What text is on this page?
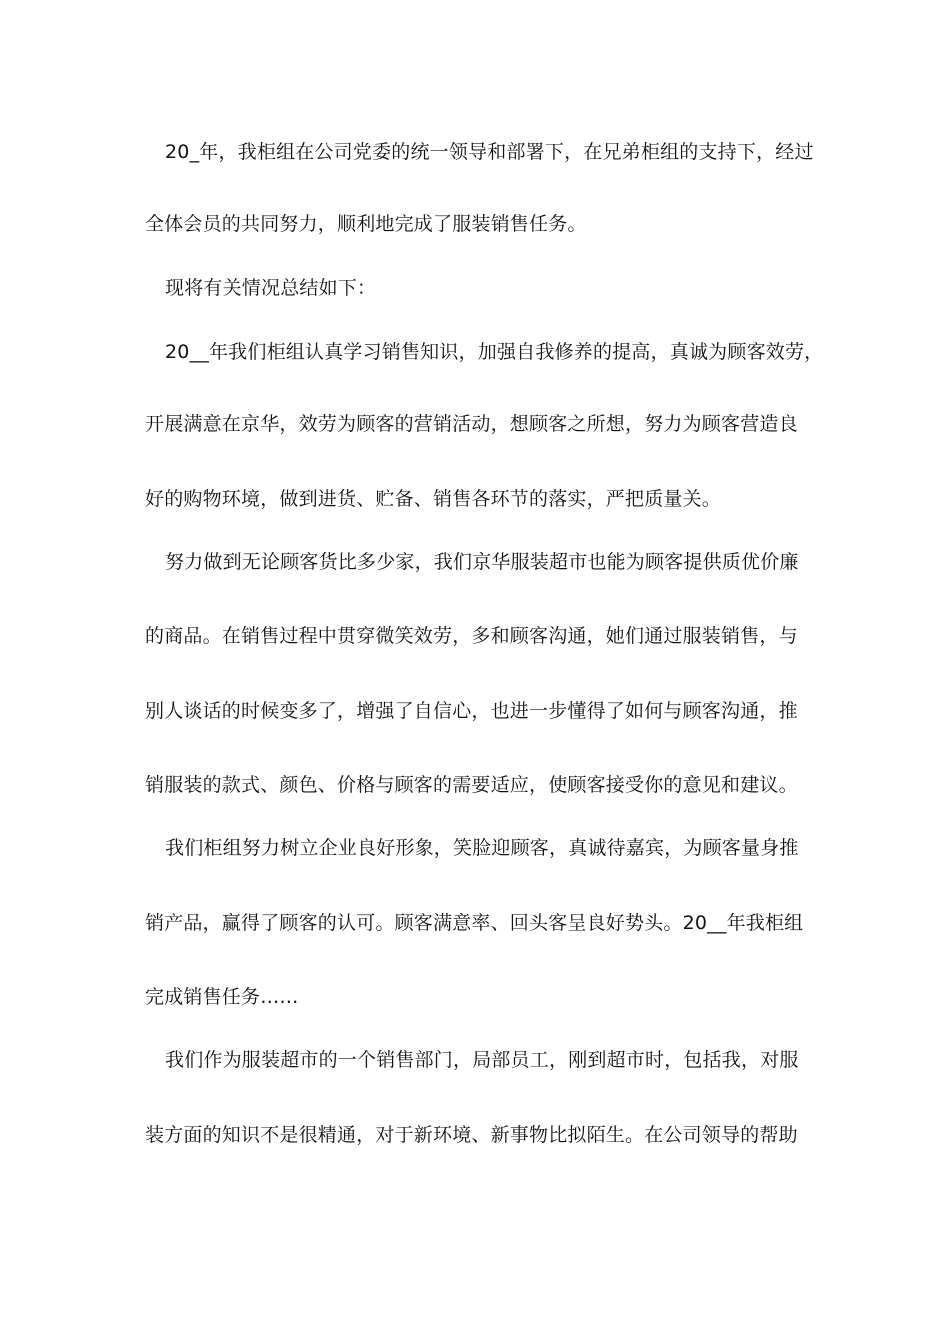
20_年，我柜组在公司党委的统一领导和部署下，在兄弟柜组的支持下，经过
全体会员的共同努力，顺利地完成了服装销售任务。
现将有关情况总结如下：
20__年我们柜组认真学习销售知识，加强自我修养的提高，真诚为顾客效劳，
开展满意在京华，效劳为顾客的营销活动，想顾客之所想，努力为顾客营造良
好的购物环境，做到进货、贮备、销售各环节的落实，严把质量关。
努力做到无论顾客货比多少家，我们京华服装超市也能为顾客提供质优价廉
的商品。在销售过程中贯穿微笑效劳，多和顾客沟通，她们通过服装销售，与
别人谈话的时候变多了，增强了自信心，也进一步懂得了如何与顾客沟通，推
销服装的款式、颜色、价格与顾客的需要适应，使顾客接受你的意见和建议。
我们柜组努力树立企业良好形象，笑脸迎顾客，真诚待嘉宾，为顾客量身推
销产品，赢得了顾客的认可。顾客满意率、回头客呈良好势头。20__年我柜组
完成销售任务……
我们作为服装超市的一个销售部门，局部员工，刚到超市时，包括我，对服
装方面的知识不是很精通，对于新环境、新事物比拟陌生。在公司领导的帮助
